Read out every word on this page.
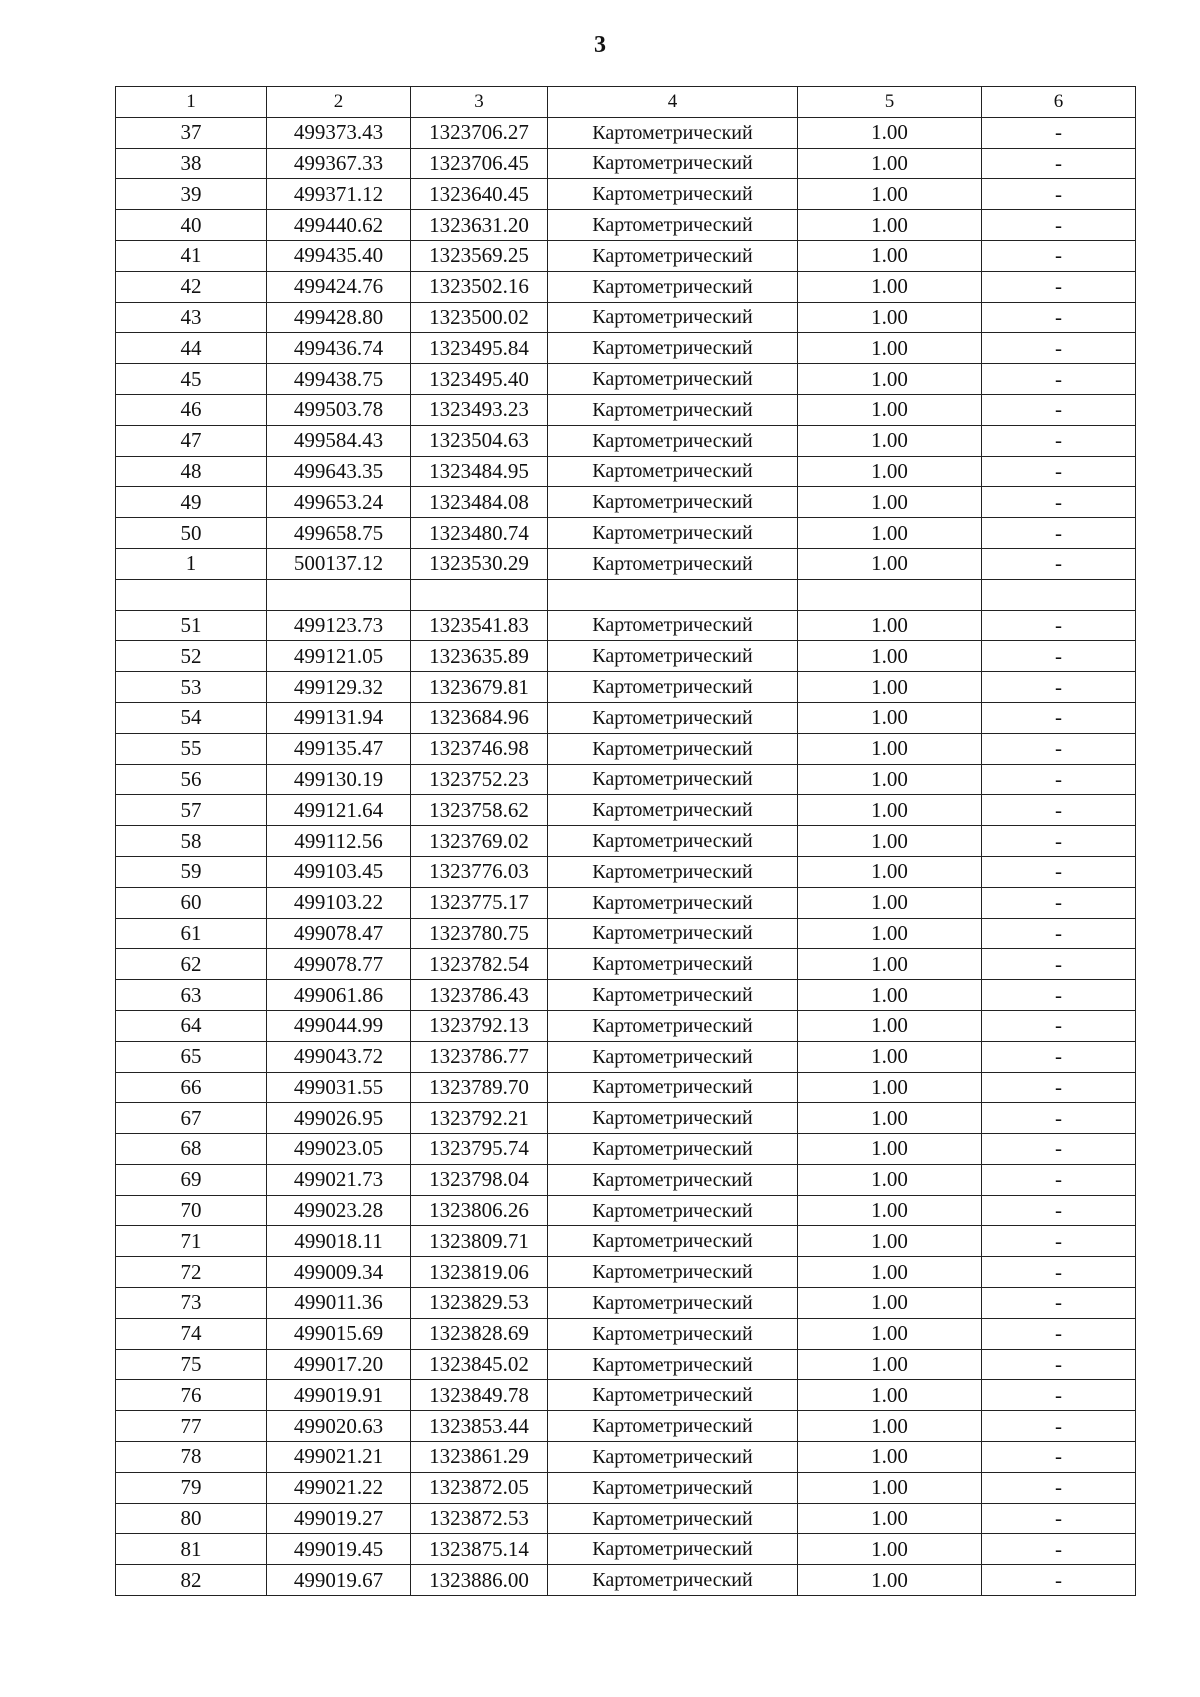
3
1	2	3	4	5	6
37	499373.43	1323706.27	Картометрический	1.00	-
38	499367.33	1323706.45	Картометрический	1.00	-
39	499371.12	1323640.45	Картометрический	1.00	-
40	499440.62	1323631.20	Картометрический	1.00	-
41	499435.40	1323569.25	Картометрический	1.00	-
42	499424.76	1323502.16	Картометрический	1.00	-
43	499428.80	1323500.02	Картометрический	1.00	-
44	499436.74	1323495.84	Картометрический	1.00	-
45	499438.75	1323495.40	Картометрический	1.00	-
46	499503.78	1323493.23	Картометрический	1.00	-
47	499584.43	1323504.63	Картометрический	1.00	-
48	499643.35	1323484.95	Картометрический	1.00	-
49	499653.24	1323484.08	Картометрический	1.00	-
50	499658.75	1323480.74	Картометрический	1.00	-
1	500137.12	1323530.29	Картометрический	1.00	-

51	499123.73	1323541.83	Картометрический	1.00	-
52	499121.05	1323635.89	Картометрический	1.00	-
53	499129.32	1323679.81	Картометрический	1.00	-
54	499131.94	1323684.96	Картометрический	1.00	-
55	499135.47	1323746.98	Картометрический	1.00	-
56	499130.19	1323752.23	Картометрический	1.00	-
57	499121.64	1323758.62	Картометрический	1.00	-
58	499112.56	1323769.02	Картометрический	1.00	-
59	499103.45	1323776.03	Картометрический	1.00	-
60	499103.22	1323775.17	Картометрический	1.00	-
61	499078.47	1323780.75	Картометрический	1.00	-
62	499078.77	1323782.54	Картометрический	1.00	-
63	499061.86	1323786.43	Картометрический	1.00	-
64	499044.99	1323792.13	Картометрический	1.00	-
65	499043.72	1323786.77	Картометрический	1.00	-
66	499031.55	1323789.70	Картометрический	1.00	-
67	499026.95	1323792.21	Картометрический	1.00	-
68	499023.05	1323795.74	Картометрический	1.00	-
69	499021.73	1323798.04	Картометрический	1.00	-
70	499023.28	1323806.26	Картометрический	1.00	-
71	499018.11	1323809.71	Картометрический	1.00	-
72	499009.34	1323819.06	Картометрический	1.00	-
73	499011.36	1323829.53	Картометрический	1.00	-
74	499015.69	1323828.69	Картометрический	1.00	-
75	499017.20	1323845.02	Картометрический	1.00	-
76	499019.91	1323849.78	Картометрический	1.00	-
77	499020.63	1323853.44	Картометрический	1.00	-
78	499021.21	1323861.29	Картометрический	1.00	-
79	499021.22	1323872.05	Картометрический	1.00	-
80	499019.27	1323872.53	Картометрический	1.00	-
81	499019.45	1323875.14	Картометрический	1.00	-
82	499019.67	1323886.00	Картометрический	1.00	-
